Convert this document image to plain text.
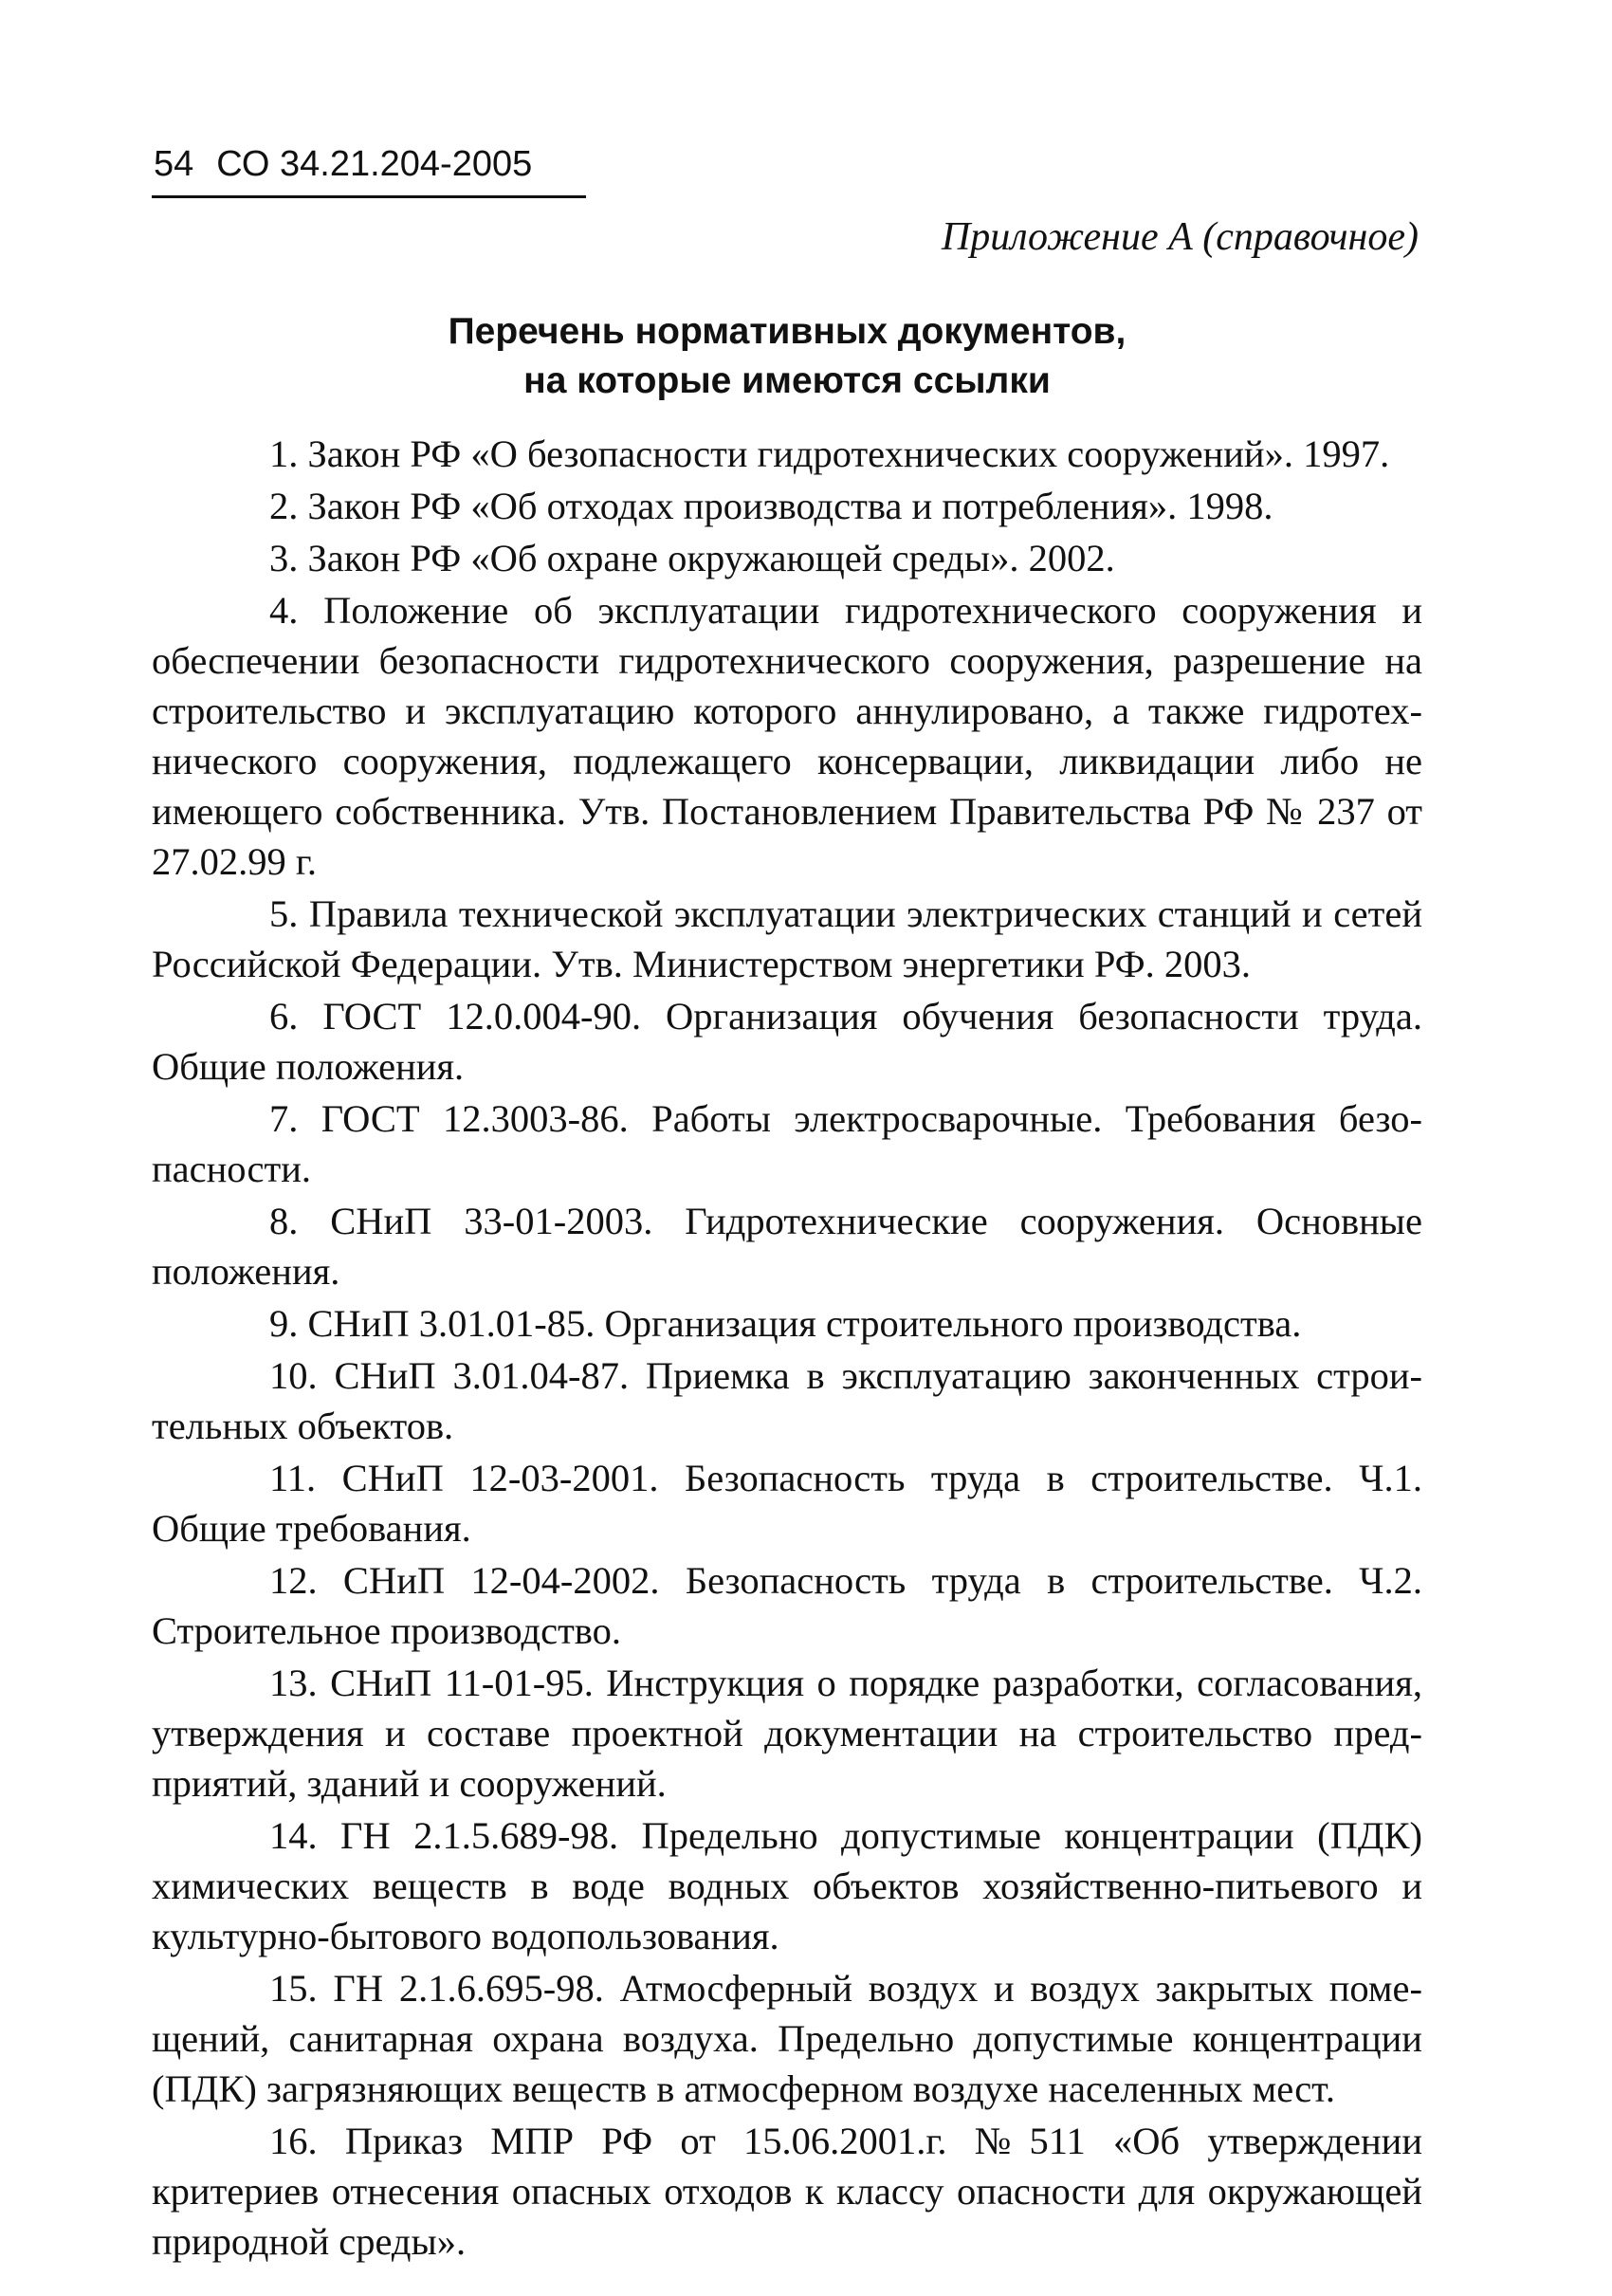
54 СО 34.21.204-2005
Приложение А (справочное)
Перечень нормативных документов,
на которые имеются ссылки

1. Закон РФ «О безопасности гидротехнических сооружений». 1997.

2. Закон РФ «Об отходах производства и потребления». 1998.

3. Закон РФ «Об охране окружающей среды». 2002.

4. Положение об эксплуатации гидротехнического сооружения и обеспечении безопасности гидротехнического сооружения, разрешение на строительство и эксплуатацию которого аннулировано, а также гидротехнического сооружения, подлежащего консервации, ликвидации либо не имеющего собственника. Утв. Постановлением Правительства РФ № 237 от 27.02.99 г.

5. Правила технической эксплуатации электрических станций и сетей Российской Федерации. Утв. Министерством энергетики РФ. 2003.

6. ГОСТ 12.0.004-90. Организация обучения безопасности труда. Общие положения.

7. ГОСТ 12.3003-86. Работы электросварочные. Требования безопасности.

8. СНиП 33-01-2003. Гидротехнические сооружения. Основные положения.

9. СНиП 3.01.01-85. Организация строительного производства.

10. СНиП 3.01.04-87. Приемка в эксплуатацию законченных строительных объектов.

11. СНиП 12-03-2001. Безопасность труда в строительстве. Ч.1. Общие требования.

12. СНиП 12-04-2002. Безопасность труда в строительстве. Ч.2. Строительное производство.

13. СНиП 11-01-95. Инструкция о порядке разработки, согласования, утверждения и составе проектной документации на строительство предприятий, зданий и сооружений.

14. ГН 2.1.5.689-98. Предельно допустимые концентрации (ПДК) химических веществ в воде водных объектов хозяйственно-питьевого и культурно-бытового водопользования.

15. ГН 2.1.6.695-98. Атмосферный воздух и воздух закрытых помещений, санитарная охрана воздуха. Предельно допустимые концентрации (ПДК) загрязняющих веществ в атмосферном воздухе населенных мест.

16. Приказ МПР РФ от 15.06.2001.г. №511 «Об утверждении критериев отнесения опасных отходов к классу опасности для окружающей природной среды».
